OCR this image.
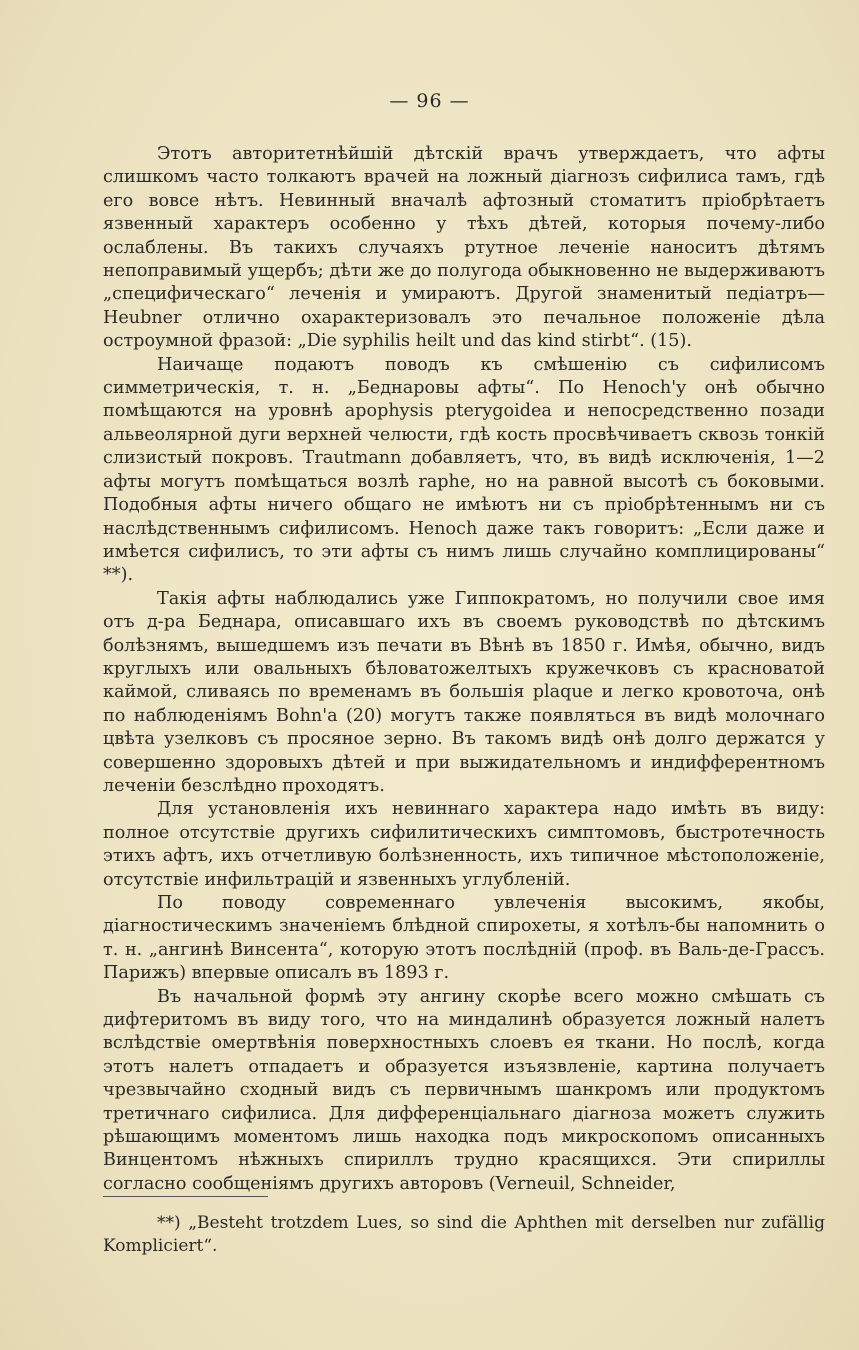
— 96 —

Этотъ авторитетнѣйшій дѣтскій врачъ утверждаетъ, что афты слишкомъ часто толкаютъ врачей на ложный діагнозъ сифилиса тамъ, гдѣ его вовсе нѣтъ. Невинный вначалѣ афтозный стоматитъ пріобрѣтаетъ язвенный характеръ особенно у тѣхъ дѣтей, которыя почему-либо ослаблены. Въ такихъ случаяхъ ртутное леченіе наноситъ дѣтямъ непоправимый ущербъ; дѣти же до полугода обыкновенно не выдерживаютъ „специфическаго“ леченія и умираютъ. Другой знаменитый педіатръ—Heubner отлично охарактеризовалъ это печальное положеніе дѣла остроумной фразой: „Die syphilis heilt und das kind stirbt“. (15).

Наичаще подаютъ поводъ къ смѣшенію съ сифилисомъ симметрическія, т. н. „Беднаровы афты“. По Henoch'у онѣ обычно помѣщаются на уровнѣ apophysis pterygoidea и непосредственно позади альвеолярной дуги верхней челюсти, гдѣ кость просвѣчиваетъ сквозь тонкій слизистый покровъ. Trautmann добавляетъ, что, въ видѣ исключенія, 1—2 афты могутъ помѣщаться возлѣ raphe, но на равной высотѣ съ боковыми. Подобныя афты ничего общаго не имѣютъ ни съ пріобрѣтеннымъ ни съ наслѣдственнымъ сифилисомъ. Henoch даже такъ говоритъ: „Если даже и имѣется сифилисъ, то эти афты съ нимъ лишь случайно комплицированы“ **).

Такія афты наблюдались уже Гиппократомъ, но получили свое имя отъ д-ра Беднара, описавшаго ихъ въ своемъ руководствѣ по дѣтскимъ болѣзнямъ, вышедшемъ изъ печати въ Вѣнѣ въ 1850 г. Имѣя, обычно, видъ круглыхъ или овальныхъ бѣловатожелтыхъ кружечковъ съ красноватой каймой, сливаясь по временамъ въ большія plaque и легко кровоточа, онѣ по наблюденіямъ Bohn'a (20) могутъ также появляться въ видѣ молочнаго цвѣта узелковъ съ просяное зерно. Въ такомъ видѣ онѣ долго держатся у совершенно здоровыхъ дѣтей и при выжидательномъ и индифферентномъ леченіи безслѣдно проходятъ.

Для установленія ихъ невиннаго характера надо имѣть въ виду: полное отсутствіе другихъ сифилитическихъ симптомовъ, быстротечность этихъ афтъ, ихъ отчетливую болѣзненность, ихъ типичное мѣстоположеніе, отсутствіе инфильтрацій и язвенныхъ углубленій.

По поводу современнаго увлеченія высокимъ, якобы, діагностическимъ значеніемъ блѣдной спирохеты, я хотѣлъ-бы напомнить о т. н. „ангинѣ Винсента“, которую этотъ послѣдній (проф. въ Валь-де-Грассъ. Парижъ) впервые описалъ въ 1893 г.

Въ начальной формѣ эту ангину скорѣе всего можно смѣшать съ дифтеритомъ въ виду того, что на миндалинѣ образуется ложный налетъ вслѣдствіе омертвѣнія поверхностныхъ слоевъ ея ткани. Но послѣ, когда этотъ налетъ отпадаетъ и образуется изъязвленіе, картина получаетъ чрезвычайно сходный видъ съ первичнымъ шанкромъ или продуктомъ третичнаго сифилиса. Для дифференціальнаго діагноза можетъ служить рѣшающимъ моментомъ лишь находка подъ микроскопомъ описанныхъ Винцентомъ нѣжныхъ спириллъ трудно красящихся. Эти спириллы согласно сообщеніямъ другихъ авторовъ (Verneuil, Schneider,

**) „Besteht trotzdem Lues, so sind die Aphthen mit derselben nur zufällig Kompliciert“.
